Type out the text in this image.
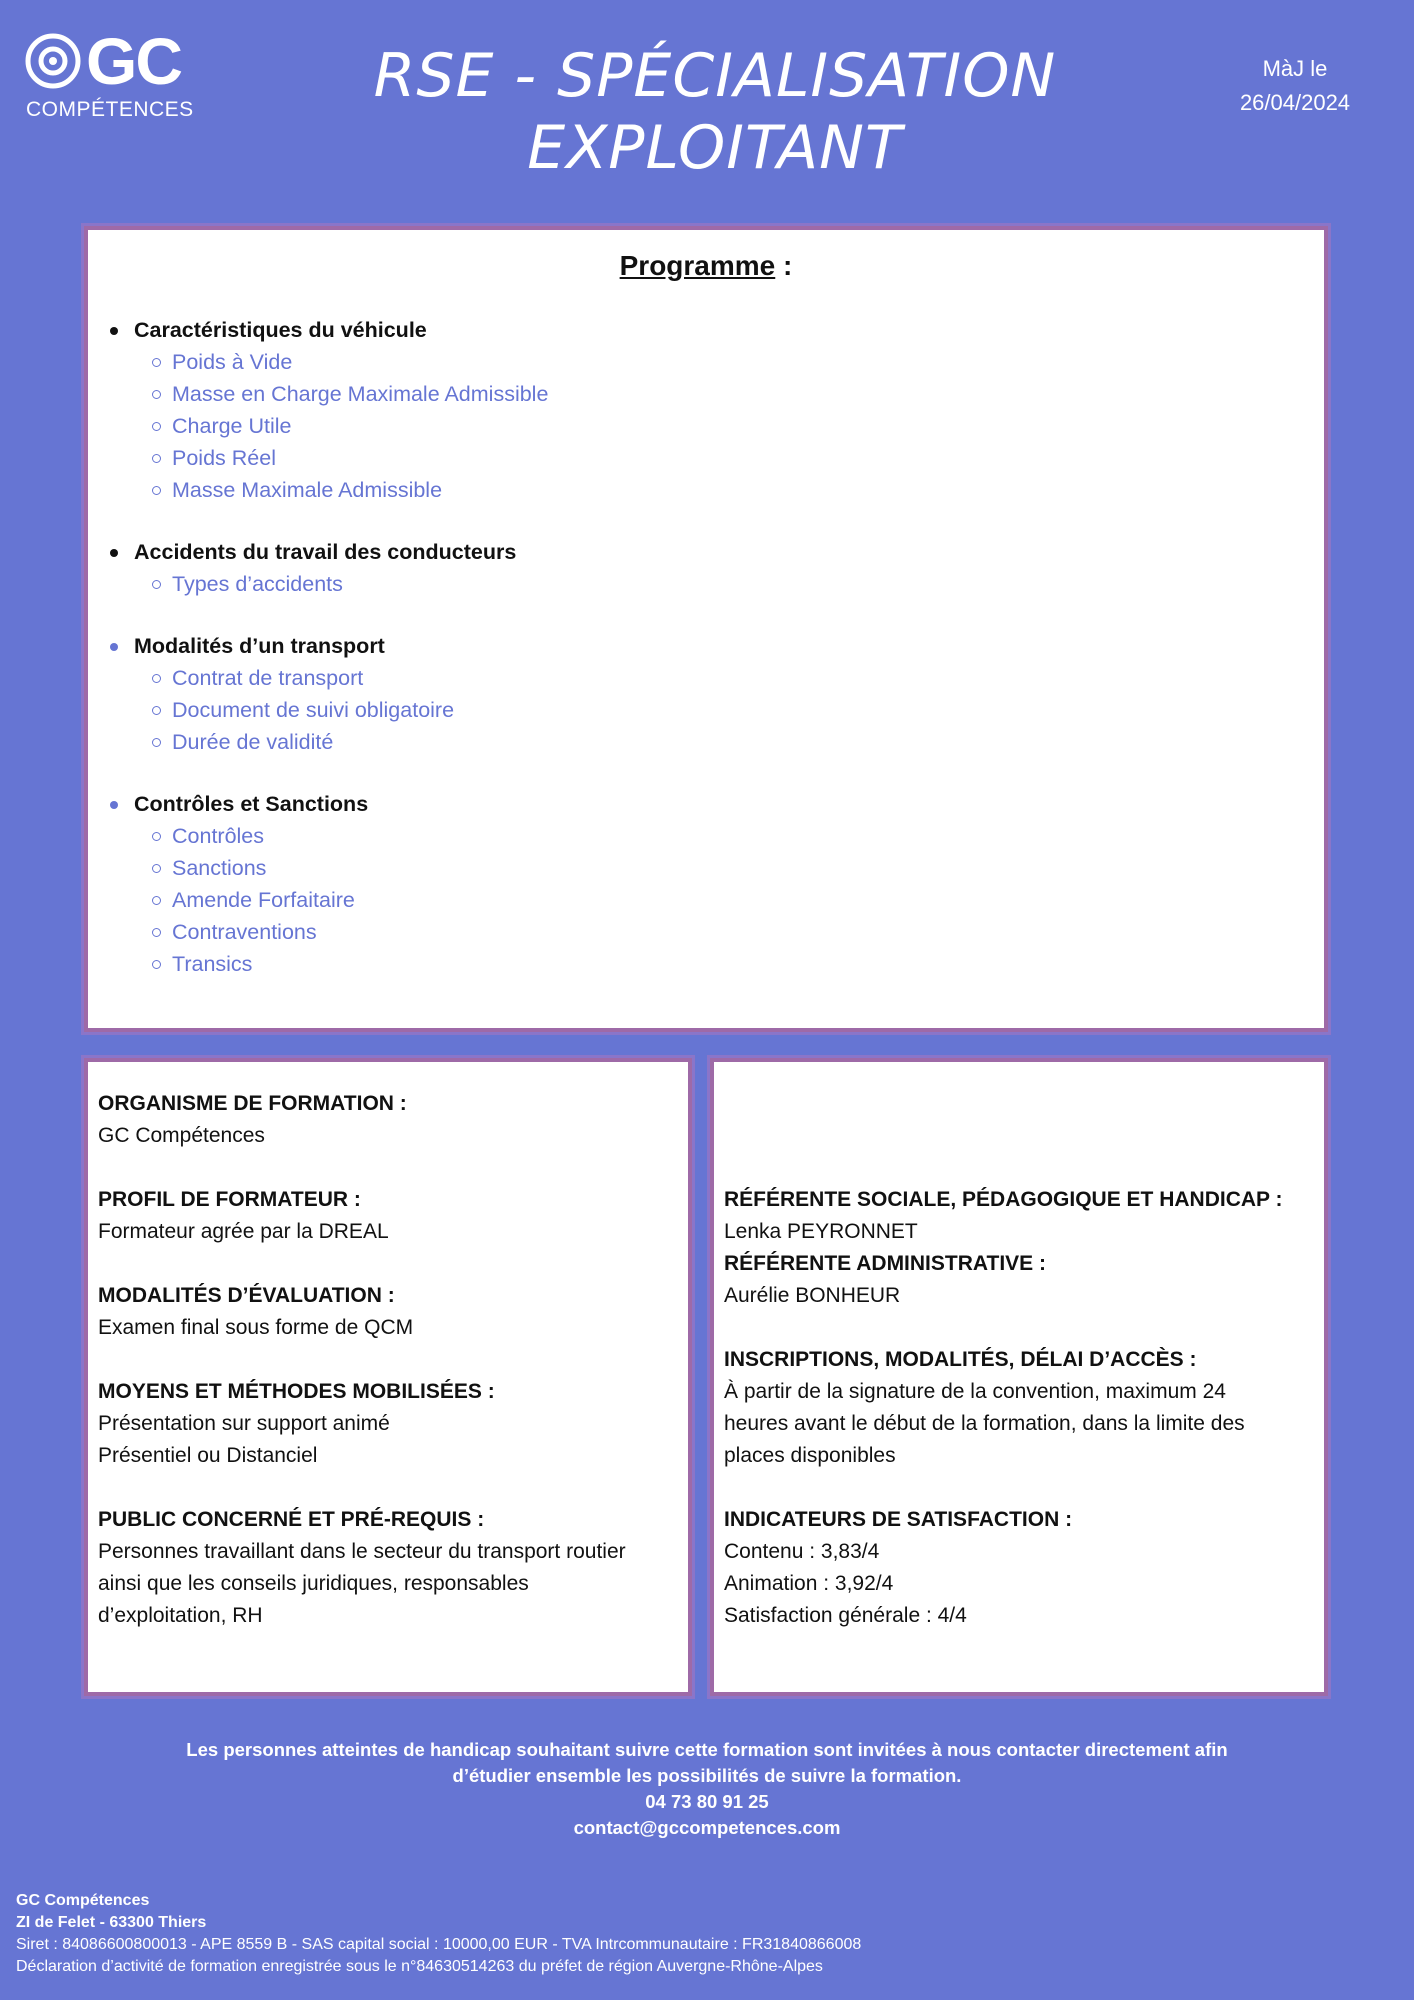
GC
COMPÉTENCES	RSE - SPÉCIALISATION
EXPLOITANT
MàJ le
26/04/2024
Programme :
Caractéristiques du véhicule
Poids à Vide
Masse en Charge Maximale Admissible
Charge Utile
Poids Réel
Masse Maximale Admissible
Accidents du travail des conducteurs
Types d’accidents
Modalités d’un transport
Contrat de transport
Document de suivi obligatoire
Durée de validité
Contrôles et Sanctions
Contrôles
Sanctions
Amende Forfaitaire
Contraventions
Transics
ORGANISME DE FORMATION :
GC Compétences
PROFIL DE FORMATEUR :
Formateur agrée par la DREAL
MODALITÉS D’ÉVALUATION :
Examen final sous forme de QCM
MOYENS ET MÉTHODES MOBILISÉES :
Présentation sur support animé
Présentiel ou Distanciel
PUBLIC CONCERNÉ ET PRÉ-REQUIS :
Personnes travaillant dans le secteur du transport routier
ainsi que les conseils juridiques, responsables
d’exploitation, RH
RÉFÉRENTE SOCIALE, PÉDAGOGIQUE ET HANDICAP :
Lenka PEYRONNET
RÉFÉRENTE ADMINISTRATIVE :
Aurélie BONHEUR
INSCRIPTIONS, MODALITÉS, DÉLAI D’ACCÈS :
À partir de la signature de la convention, maximum 24
heures avant le début de la formation, dans la limite des
places disponibles
INDICATEURS DE SATISFACTION :
Contenu : 3,83/4
Animation : 3,92/4
Satisfaction générale : 4/4
Les personnes atteintes de handicap souhaitant suivre cette formation sont invitées à nous contacter directement afin
d’étudier ensemble les possibilités de suivre la formation.
04 73 80 91 25
contact@gccompetences.com
GC Compétences
ZI de Felet - 63300 Thiers
Siret : 84086600800013 - APE 8559 B - SAS capital social : 10000,00 EUR - TVA Intrcommunautaire : FR31840866008
Déclaration d’activité de formation enregistrée sous le n°84630514263 du préfet de région Auvergne-Rhône-Alpes
